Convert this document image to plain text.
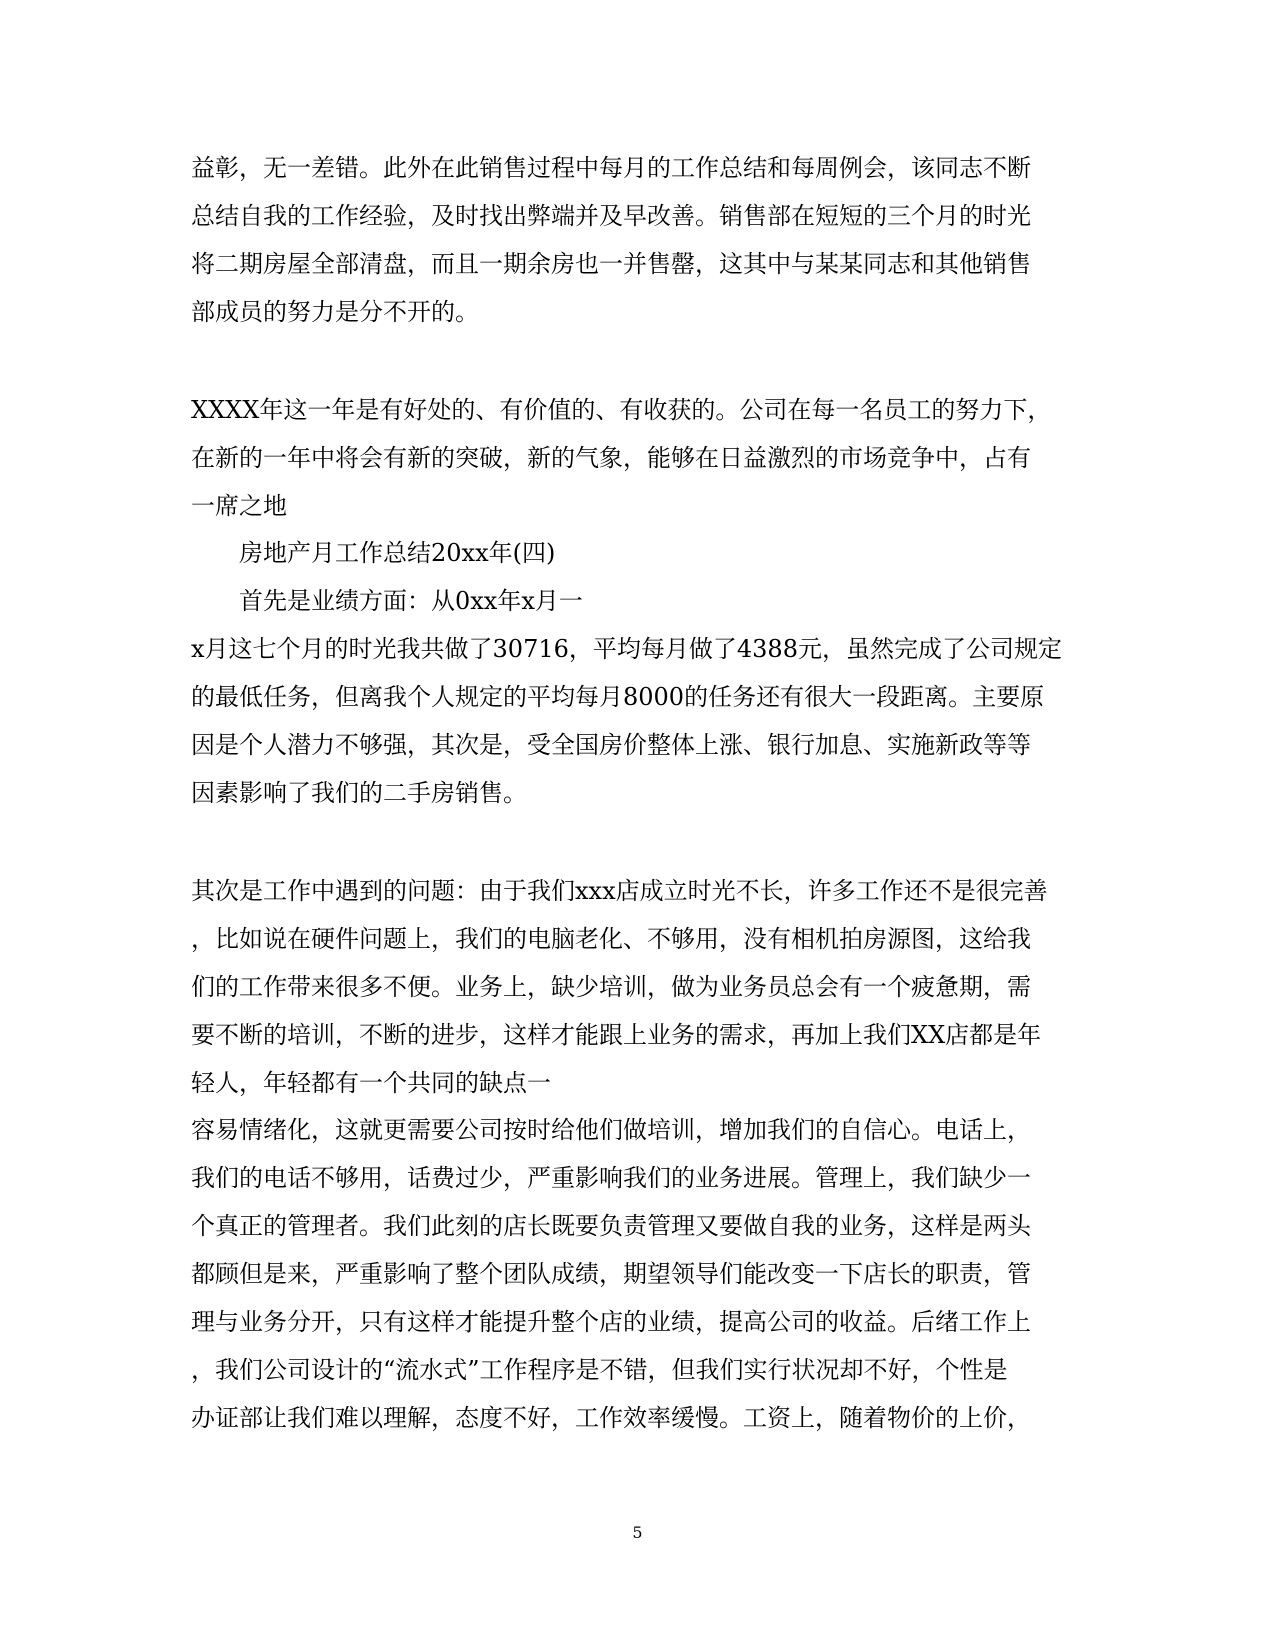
益彰，无一差错。此外在此销售过程中每月的工作总结和每周例会，该同志不断
总结自我的工作经验，及时找出弊端并及早改善。销售部在短短的三个月的时光
将二期房屋全部清盘，而且一期余房也一并售罄，这其中与某某同志和其他销售
部成员的努力是分不开的。
XXXX年这一年是有好处的、有价值的、有收获的。公司在每一名员工的努力下，
在新的一年中将会有新的突破，新的气象，能够在日益激烈的市场竞争中，占有
一席之地
房地产月工作总结20xx年(四)
首先是业绩方面：从0xx年x月一
x月这七个月的时光我共做了30716，平均每月做了4388元，虽然完成了公司规定
的最低任务，但离我个人规定的平均每月8000的任务还有很大一段距离。主要原
因是个人潜力不够强，其次是，受全国房价整体上涨、银行加息、实施新政等等
因素影响了我们的二手房销售。
其次是工作中遇到的问题：由于我们xxx店成立时光不长，许多工作还不是很完善
，比如说在硬件问题上，我们的电脑老化、不够用，没有相机拍房源图，这给我
们的工作带来很多不便。业务上，缺少培训，做为业务员总会有一个疲惫期，需
要不断的培训，不断的进步，这样才能跟上业务的需求，再加上我们XX店都是年
轻人，年轻都有一个共同的缺点一
容易情绪化，这就更需要公司按时给他们做培训，增加我们的自信心。电话上，
我们的电话不够用，话费过少，严重影响我们的业务进展。管理上，我们缺少一
个真正的管理者。我们此刻的店长既要负责管理又要做自我的业务，这样是两头
都顾但是来，严重影响了整个团队成绩，期望领导们能改变一下店长的职责，管
理与业务分开，只有这样才能提升整个店的业绩，提高公司的收益。后绪工作上
，我们公司设计的“流水式”工作程序是不错，但我们实行状况却不好，个性是
办证部让我们难以理解，态度不好，工作效率缓慢。工资上，随着物价的上价，
5
